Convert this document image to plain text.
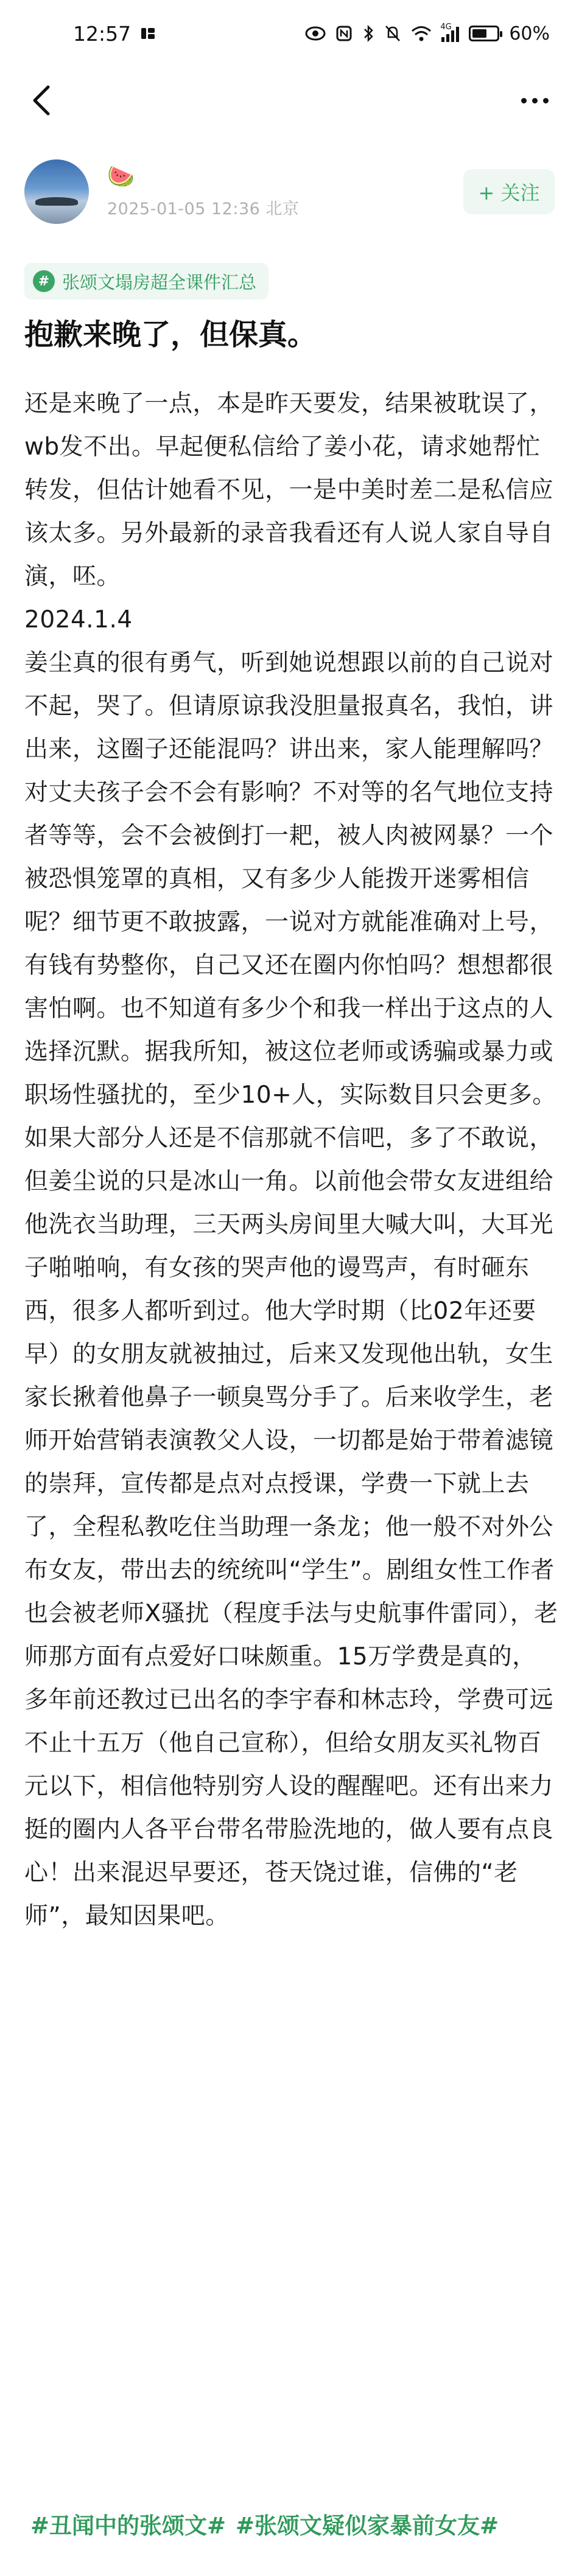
12:57	4G	60%
🍉
2025-01-05 12:36 北京
+ 关注
# 张颂文塌房超全课件汇总
抱歉来晚了，但保真。
还是来晚了一点，本是昨天要发，结果被耽误了，wb发不出。早起便私信给了姜小花，请求她帮忙转发，但估计她看不见，一是中美时差二是私信应该太多。另外最新的录音我看还有人说人家自导自演，呸。
2024.1.4
姜尘真的很有勇气，听到她说想跟以前的自己说对不起，哭了。但请原谅我没胆量报真名，我怕，讲出来，这圈子还能混吗？讲出来，家人能理解吗？对丈夫孩子会不会有影响？不对等的名气地位支持者等等，会不会被倒打一耙，被人肉被网暴？一个被恐惧笼罩的真相，又有多少人能拨开迷雾相信呢？细节更不敢披露，一说对方就能准确对上号，有钱有势整你，自己又还在圈内你怕吗？想想都很害怕啊。也不知道有多少个和我一样出于这点的人选择沉默。据我所知，被这位老师或诱骗或暴力或职场性骚扰的，至少10+人，实际数目只会更多。如果大部分人还是不信那就不信吧，多了不敢说，但姜尘说的只是冰山一角。以前他会带女友进组给他洗衣当助理，三天两头房间里大喊大叫，大耳光子啪啪响，有女孩的哭声他的谩骂声，有时砸东西，很多人都听到过。他大学时期（比02年还要早）的女朋友就被抽过，后来又发现他出轨，女生家长揪着他鼻子一顿臭骂分手了。后来收学生，老师开始营销表演教父人设，一切都是始于带着滤镜的崇拜，宣传都是点对点授课，学费一下就上去了，全程私教吃住当助理一条龙；他一般不对外公布女友，带出去的统统叫“学生”。剧组女性工作者也会被老师X骚扰（程度手法与史航事件雷同），老师那方面有点爱好口味颇重。15万学费是真的，多年前还教过已出名的李宇春和林志玲，学费可远不止十五万（他自己宣称），但给女朋友买礼物百元以下，相信他特别穷人设的醒醒吧。还有出来力挺的圈内人各平台带名带脸洗地的，做人要有点良心！出来混迟早要还，苍天饶过谁，信佛的“老师”，最知因果吧。
#丑闻中的张颂文# #张颂文疑似家暴前女友#
